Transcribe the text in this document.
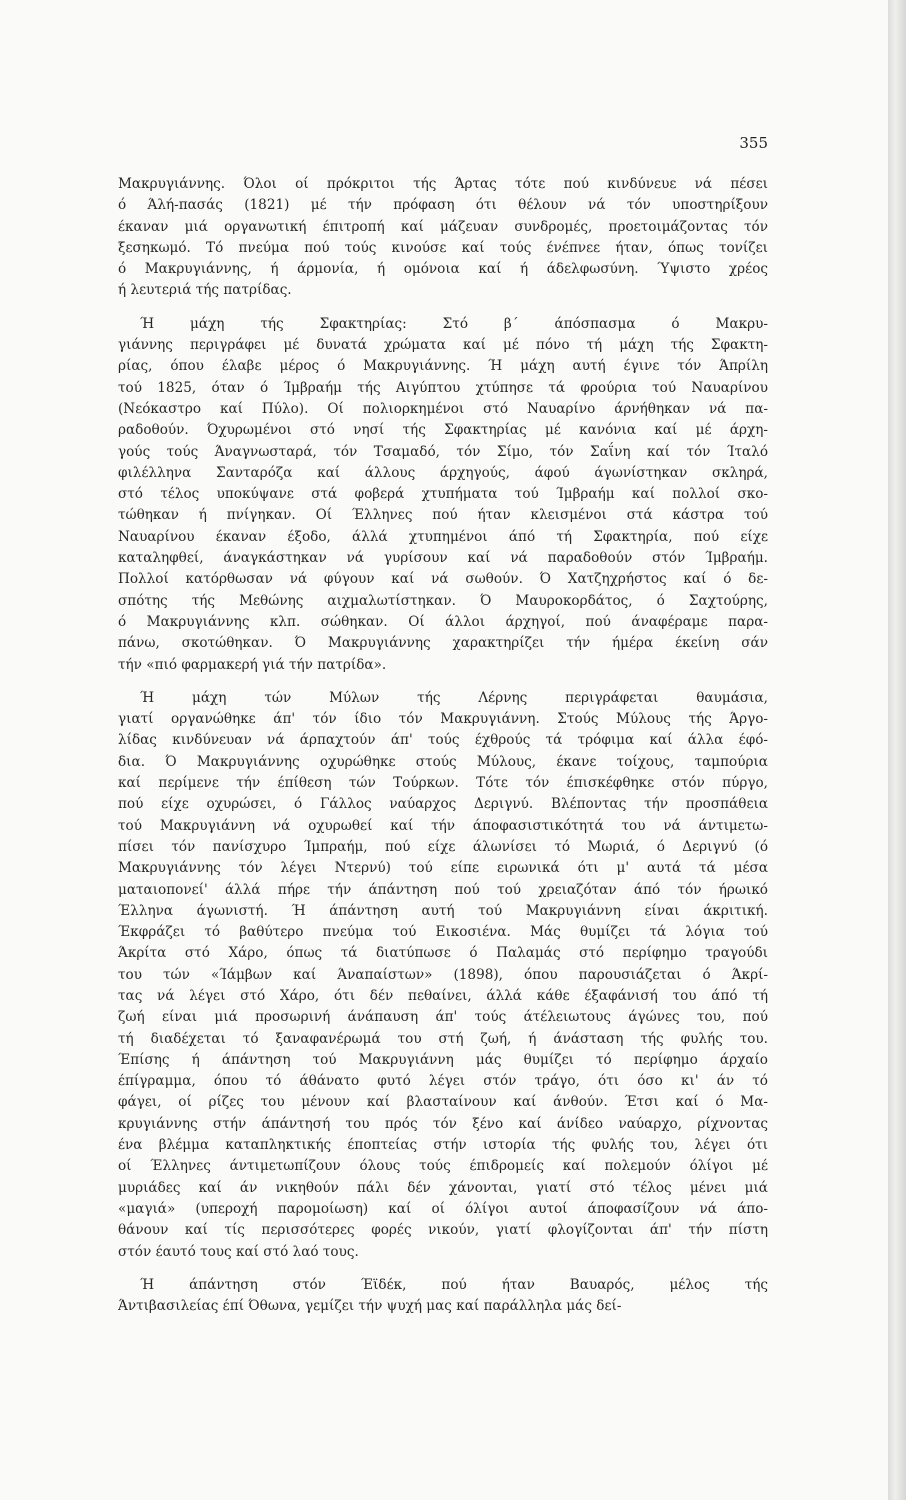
355

Μακρυγιάννης. Όλοι οί πρόκριτοι τής Άρτας τότε πού κινδύνευε νά πέσει

ό Άλή-πασάς (1821) μέ τήν πρόφαση ότι θέλουν νά τόν υποστηρίξουν

έκαναν μιά οργανωτική έπιτροπή καί μάζευαν συνδρομές, προετοιμάζοντας τόν

ξεσηκωμό. Τό πνεύμα πού τούς κινούσε καί τούς ένέπνεε ήταν, όπως τονίζει

ό Μακρυγιάννης, ή άρμονία, ή ομόνοια καί ή άδελφωσύνη. Ύψιστο χρέος

ή λευτεριά τής πατρίδας.

Ή μάχη τής Σφακτηρίας: Στό β΄ άπόσπασμα ό Μακρυ-

γιάννης περιγράφει μέ δυνατά χρώματα καί μέ πόνο τή μάχη τής Σφακτη-

ρίας, όπου έλαβε μέρος ό Μακρυγιάννης. Ή μάχη αυτή έγινε τόν Άπρίλη

τού 1825, όταν ό Ίμβραήμ τής Αιγύπτου χτύπησε τά φρούρια τού Ναυαρίνου

(Νεόκαστρο καί Πύλο). Οί πολιορκημένοι στό Ναυαρίνο άρνήθηκαν νά πα-

ραδοθούν. Όχυρωμένοι στό νησί τής Σφακτηρίας μέ κανόνια καί μέ άρχη-

γούς τούς Άναγνωσταρά, τόν Τσαμαδό, τόν Σίμο, τόν Σαΐνη καί τόν Ίταλό

φιλέλληνα Σανταρόζα καί άλλους άρχηγούς, άφού άγωνίστηκαν σκληρά,

στό τέλος υποκύψανε στά φοβερά χτυπήματα τού Ίμβραήμ καί πολλοί σκο-

τώθηκαν ή πνίγηκαν. Οί Έλληνες πού ήταν κλεισμένοι στά κάστρα τού

Ναυαρίνου έκαναν έξοδο, άλλά χτυπημένοι άπό τή Σφακτηρία, πού είχε

καταληφθεί, άναγκάστηκαν νά γυρίσουν καί νά παραδοθούν στόν Ίμβραήμ.

Πολλοί κατόρθωσαν νά φύγουν καί νά σωθούν. Ό Χατζηχρήστος καί ό δε-

σπότης τής Μεθώνης αιχμαλωτίστηκαν. Ό Μαυροκορδάτος, ό Σαχτούρης,

ό Μακρυγιάννης κλπ. σώθηκαν. Οί άλλοι άρχηγοί, πού άναφέραμε παρα-

πάνω, σκοτώθηκαν. Ό Μακρυγιάννης χαρακτηρίζει τήν ήμέρα έκείνη σάν

τήν «πιό φαρμακερή γιά τήν πατρίδα».

Ή μάχη τών Μύλων τής Λέρνης περιγράφεται θαυμάσια,

γιατί οργανώθηκε άπ' τόν ίδιο τόν Μακρυγιάννη. Στούς Μύλους τής Άργο-

λίδας κινδύνευαν νά άρπαχτούν άπ' τούς έχθρούς τά τρόφιμα καί άλλα έφό-

δια. Ό Μακρυγιάννης οχυρώθηκε στούς Μύλους, έκανε τοίχους, ταμπούρια

καί περίμενε τήν έπίθεση τών Τούρκων. Τότε τόν έπισκέφθηκε στόν πύργο,

πού είχε οχυρώσει, ό Γάλλος ναύαρχος Δεριγνύ. Βλέποντας τήν προσπάθεια

τού Μακρυγιάννη νά οχυρωθεί καί τήν άποφασιστικότητά του νά άντιμετω-

πίσει τόν πανίσχυρο Ίμπραήμ, πού είχε άλωνίσει τό Μωριά, ό Δεριγνύ (ό

Μακρυγιάννης τόν λέγει Ντερνύ) τού είπε ειρωνικά ότι μ' αυτά τά μέσα

ματαιοπονεί' άλλά πήρε τήν άπάντηση πού τού χρειαζόταν άπό τόν ήρωικό

Έλληνα άγωνιστή. Ή άπάντηση αυτή τού Μακρυγιάννη είναι άκριτική.

Έκφράζει τό βαθύτερο πνεύμα τού Εικοσιένα. Μάς θυμίζει τά λόγια τού

Άκρίτα στό Χάρο, όπως τά διατύπωσε ό Παλαμάς στό περίφημο τραγούδι

του τών «Ίάμβων καί Άναπαίστων» (1898), όπου παρουσιάζεται ό Άκρί-

τας νά λέγει στό Χάρο, ότι δέν πεθαίνει, άλλά κάθε έξαφάνισή του άπό τή

ζωή είναι μιά προσωρινή άνάπαυση άπ' τούς άτέλειωτους άγώνες του, πού

τή διαδέχεται τό ξαναφανέρωμά του στή ζωή, ή άνάσταση τής φυλής του.

Έπίσης ή άπάντηση τού Μακρυγιάννη μάς θυμίζει τό περίφημο άρχαίο

έπίγραμμα, όπου τό άθάνατο φυτό λέγει στόν τράγο, ότι όσο κι' άν τό

φάγει, οί ρίζες του μένουν καί βλασταίνουν καί άνθούν. Έτσι καί ό Μα-

κρυγιάννης στήν άπάντησή του πρός τόν ξένο καί άνίδεο ναύαρχο, ρίχνοντας

ένα βλέμμα καταπληκτικής έποπτείας στήν ιστορία τής φυλής του, λέγει ότι

οί Έλληνες άντιμετωπίζουν όλους τούς έπιδρομείς καί πολεμούν όλίγοι μέ

μυριάδες καί άν νικηθούν πάλι δέν χάνονται, γιατί στό τέλος μένει μιά

«μαγιά» (υπεροχή παρομοίωση) καί οί όλίγοι αυτοί άποφασίζουν νά άπο-

θάνουν καί τίς περισσότερες φορές νικούν, γιατί φλογίζονται άπ' τήν πίστη

στόν έαυτό τους καί στό λαό τους.

Ή άπάντηση στόν Έϊδέκ, πού ήταν Βαυαρός, μέλος τής

Άντιβασιλείας έπί Όθωνα, γεμίζει τήν ψυχή μας καί παράλληλα μάς δεί-
